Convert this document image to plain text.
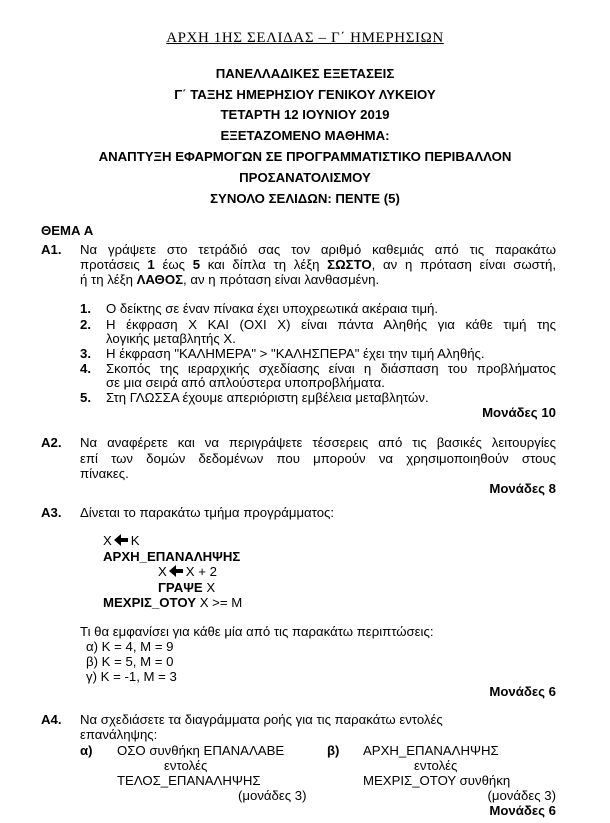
ΑΡΧΗ 1ΗΣ ΣΕΛΙΔΑΣ – Γ΄ ΗΜΕΡΗΣΙΩΝ
ΠΑΝΕΛΛΑΔΙΚΕΣ ΕΞΕΤΑΣΕΙΣ
Γ΄ ΤΑΞΗΣ ΗΜΕΡΗΣΙΟΥ ΓΕΝΙΚΟΥ ΛΥΚΕΙΟΥ
ΤΕΤΑΡΤΗ 12 ΙΟΥΝΙΟΥ 2019
ΕΞΕΤΑΖΟΜΕΝΟ ΜΑΘΗΜΑ:
ΑΝΑΠΤΥΞΗ ΕΦΑΡΜΟΓΩΝ ΣΕ ΠΡΟΓΡΑΜΜΑΤΙΣΤΙΚΟ ΠΕΡΙΒΑΛΛΟΝ
ΠΡΟΣΑΝΑΤΟΛΙΣΜΟΥ
ΣΥΝΟΛΟ ΣΕΛΙΔΩΝ: ΠΕΝΤΕ (5)
ΘΕΜΑ Α
Α1. Να γράψετε στο τετράδιό σας τον αριθμό καθεμιάς από τις παρακάτω
προτάσεις 1 έως 5 και δίπλα τη λέξη ΣΩΣΤΟ, αν η πρόταση είναι σωστή,
ή τη λέξη ΛΑΘΟΣ, αν η πρόταση είναι λανθασμένη.
1. Ο δείκτης σε έναν πίνακα έχει υποχρεωτικά ακέραια τιμή.
2. Η έκφραση Χ ΚΑΙ (ΟΧΙ Χ) είναι πάντα Αληθής για κάθε τιμή της
λογικής μεταβλητής Χ.
3. Η έκφραση "ΚΑΛΗΜΕΡΑ" > "ΚΑΛΗΣΠΕΡΑ" έχει την τιμή Αληθής.
4. Σκοπός της ιεραρχικής σχεδίασης είναι η διάσπαση του προβλήματος
σε μια σειρά από απλούστερα υποπροβλήματα.
5. Στη ΓΛΩΣΣΑ έχουμε απεριόριστη εμβέλεια μεταβλητών.
Μονάδες 10
Α2. Να αναφέρετε και να περιγράψετε τέσσερεις από τις βασικές λειτουργίες
επί των δομών δεδομένων που μπορούν να χρησιμοποιηθούν στους
πίνακες.
Μονάδες 8
Α3. Δίνεται το παρακάτω τμήμα προγράμματος:
Χ Κ
ΑΡΧΗ_ΕΠΑΝΑΛΗΨΗΣ
Χ Χ + 2
ΓΡΑΨΕ Χ
ΜΕΧΡΙΣ_ΟΤΟΥ Χ >= Μ
Τι θα εμφανίσει για κάθε μία από τις παρακάτω περιπτώσεις:
α) Κ = 4, Μ = 9
β) Κ = 5, Μ = 0
γ) Κ = -1, Μ = 3
Μονάδες 6
Α4. Να σχεδιάσετε τα διαγράμματα ροής για τις παρακάτω εντολές
επανάληψης:
α) ΟΣΟ συνθήκη ΕΠΑΝΑΛΑΒΕ
εντολές
ΤΕΛΟΣ_ΕΠΑΝΑΛΗΨΗΣ
(μονάδες 3)
β) ΑΡΧΗ_ΕΠΑΝΑΛΗΨΗΣ
εντολές
ΜΕΧΡΙΣ_ΟΤΟΥ συνθήκη
(μονάδες 3)
Μονάδες 6
